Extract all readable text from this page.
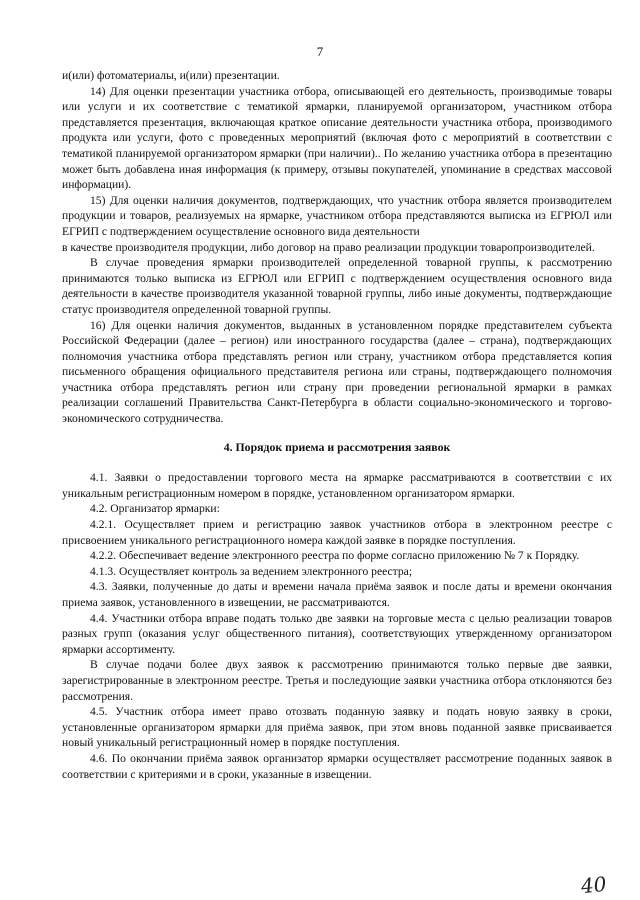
7

и(или) фотоматериалы, и(или) презентации.

14) Для оценки презентации участника отбора, описывающей его деятельность, производимые товары или услуги и их соответствие с тематикой ярмарки, планируемой организатором, участником отбора представляется презентация, включающая краткое описание деятельности участника отбора, производимого продукта или услуги, фото с проведенных мероприятий (включая фото с мероприятий в соответствии с тематикой планируемой организатором ярмарки (при наличии).. По желанию участника отбора в презентацию может быть добавлена иная информация (к примеру, отзывы покупателей, упоминание в средствах массовой информации).

15) Для оценки наличия документов, подтверждающих, что участник отбора является производителем продукции и товаров, реализуемых на ярмарке, участником отбора представляются выписка из ЕГРЮЛ или ЕГРИП с подтверждением осуществление основного вида деятельности

в качестве производителя продукции, либо договор на право реализации продукции товаропроизводителей.

В случае проведения ярмарки производителей определенной товарной группы, к рассмотрению принимаются только выписка из ЕГРЮЛ или ЕГРИП с подтверждением осуществления основного вида деятельности в качестве производителя указанной товарной группы, либо иные документы, подтверждающие статус производителя определенной товарной группы.

16) Для оценки наличия документов, выданных в установленном порядке представителем субъекта Российской Федерации (далее – регион) или иностранного государства (далее – страна), подтверждающих полномочия участника отбора представлять регион или страну, участником отбора представляется копия письменного обращения официального представителя региона или страны, подтверждающего полномочия участника отбора представлять регион или страну при проведении региональной ярмарки в рамках реализации соглашений Правительства Санкт-Петербурга в области социально-экономического и торгово-экономического сотрудничества.

4. Порядок приема и рассмотрения заявок

4.1. Заявки о предоставлении торгового места на ярмарке рассматриваются в соответствии с их уникальным регистрационным номером в порядке, установленном организатором ярмарки.

4.2. Организатор ярмарки:

4.2.1. Осуществляет прием и регистрацию заявок участников отбора в электронном реестре с присвоением уникального регистрационного номера каждой заявке в порядке поступления.

4.2.2. Обеспечивает ведение электронного реестра по форме согласно приложению № 7 к Порядку.

4.1.3. Осуществляет контроль за ведением электронного реестра;

4.3. Заявки, полученные до даты и времени начала приёма заявок и после даты и времени окончания приема заявок, установленного в извещении, не рассматриваются.

4.4. Участники отбора вправе подать только две заявки на торговые места с целью реализации товаров разных групп (оказания услуг общественного питания), соответствующих утвержденному организатором ярмарки ассортименту.

В случае подачи более двух заявок к рассмотрению принимаются только первые две заявки, зарегистрированные в электронном реестре. Третья и последующие заявки участника отбора отклоняются без рассмотрения.

4.5. Участник отбора имеет право отозвать поданную заявку и подать новую заявку в сроки, установленные организатором ярмарки для приёма заявок, при этом вновь поданной заявке присваивается новый уникальный регистрационный номер в порядке поступления.

4.6. По окончании приёма заявок организатор ярмарки осуществляет рассмотрение поданных заявок в соответствии с критериями и в сроки, указанные в извещении.

40
